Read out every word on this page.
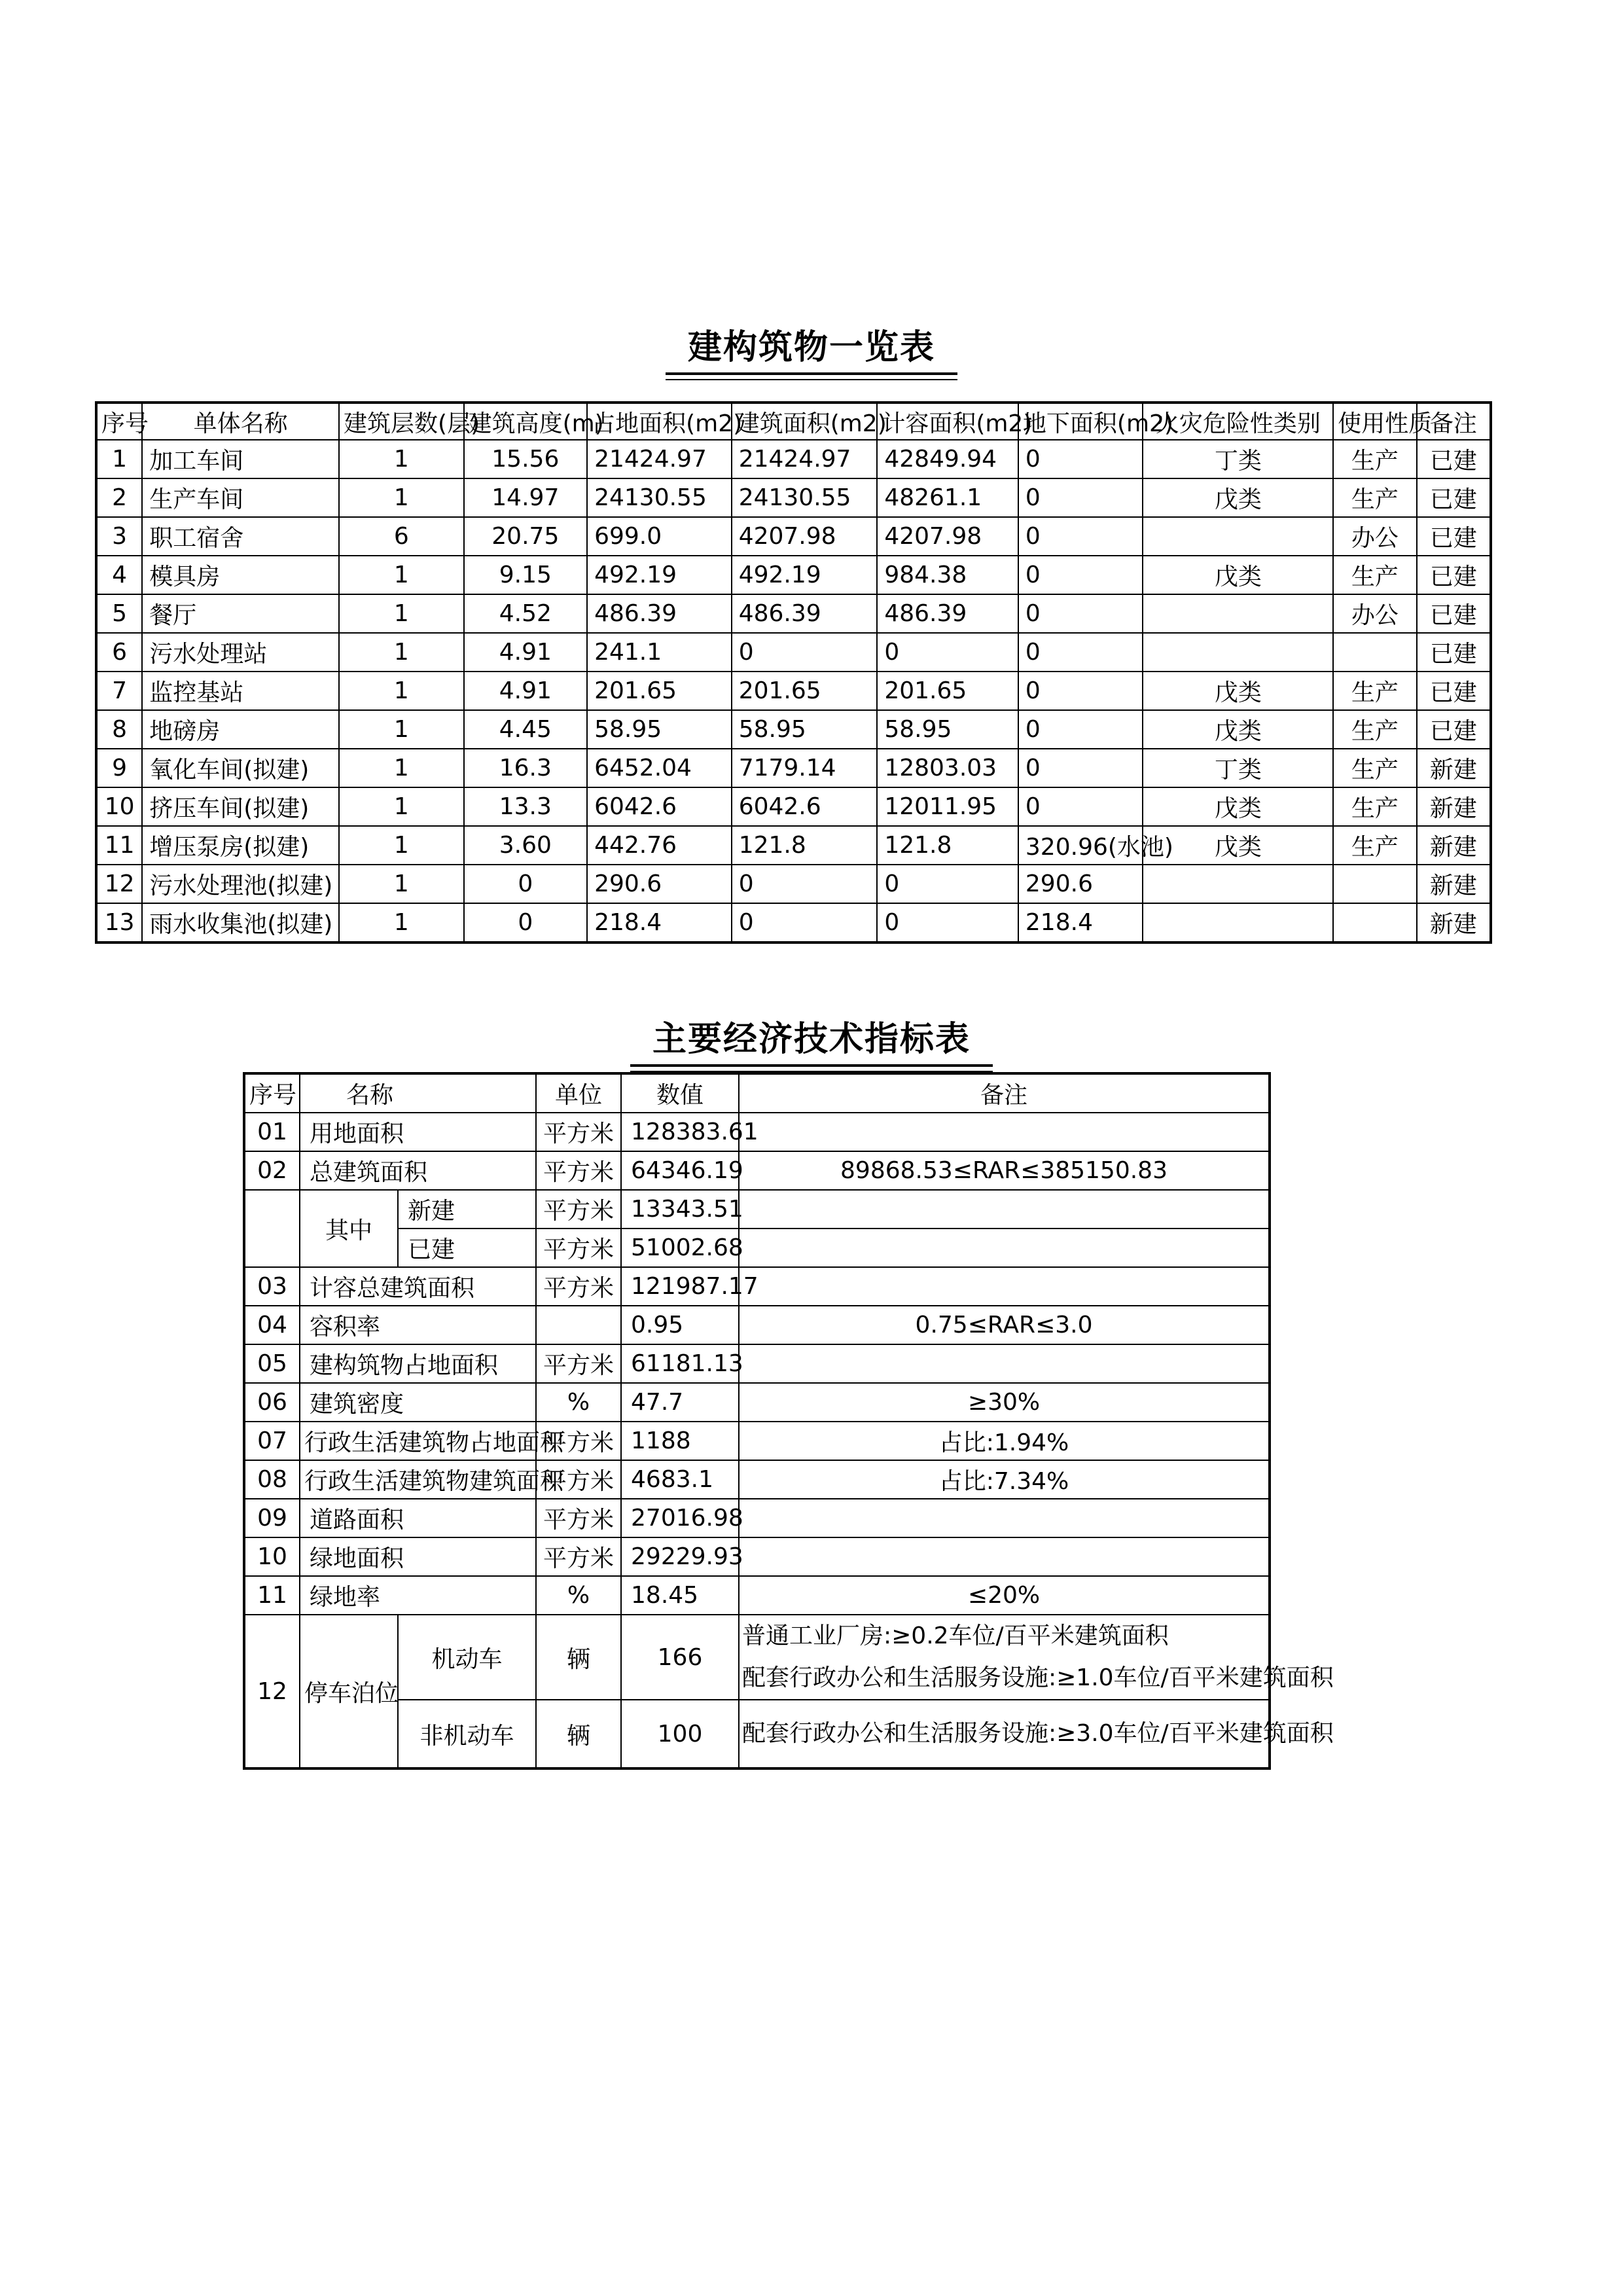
建构筑物一览表
序号	单体名称	建筑层数(层)	建筑高度(m)	占地面积(m2)	建筑面积(m2)	计容面积(m2)	地下面积(m2)	火灾危险性类别	使用性质	备注
1	加工车间	1	15.56	21424.97	21424.97	42849.94	0	丁类	生产	已建
2	生产车间	1	14.97	24130.55	24130.55	48261.1	0	戊类	生产	已建
3	职工宿舍	6	20.75	699.0	4207.98	4207.98	0		办公	已建
4	模具房	1	9.15	492.19	492.19	984.38	0	戊类	生产	已建
5	餐厅	1	4.52	486.39	486.39	486.39	0		办公	已建
6	污水处理站	1	4.91	241.1	0	0	0			已建
7	监控基站	1	4.91	201.65	201.65	201.65	0	戊类	生产	已建
8	地磅房	1	4.45	58.95	58.95	58.95	0	戊类	生产	已建
9	氧化车间(拟建)	1	16.3	6452.04	7179.14	12803.03	0	丁类	生产	新建
10	挤压车间(拟建)	1	13.3	6042.6	6042.6	12011.95	0	戊类	生产	新建
11	增压泵房(拟建)	1	3.60	442.76	121.8	121.8	320.96(水池)	戊类	生产	新建
12	污水处理池(拟建)	1	0	290.6	0	0	290.6			新建
13	雨水收集池(拟建)	1	0	218.4	0	0	218.4			新建
主要经济技术指标表
序号	名称		单位	数值	备注
01	用地面积		平方米	128383.61	
02	总建筑面积		平方米	64346.19	89868.53≤RAR≤385150.83
	其中	新建	平方米	13343.51	
		已建	平方米	51002.68	
03	计容总建筑面积		平方米	121987.17	
04	容积率			0.95	0.75≤RAR≤3.0
05	建构筑物占地面积		平方米	61181.13	
06	建筑密度		%	47.7	≥30%
07	行政生活建筑物占地面积		平方米	1188	占比:1.94%
08	行政生活建筑物建筑面积		平方米	4683.1	占比:7.34%
09	道路面积		平方米	27016.98	
10	绿地面积		平方米	29229.93	
11	绿地率		%	18.45	≤20%
12	停车泊位	机动车	辆	166	普通工业厂房:≥0.2车位/百平米建筑面积
配套行政办公和生活服务设施:≥1.0车位/百平米建筑面积

		非机动车	辆	100	配套行政办公和生活服务设施:≥3.0车位/百平米建筑面积
